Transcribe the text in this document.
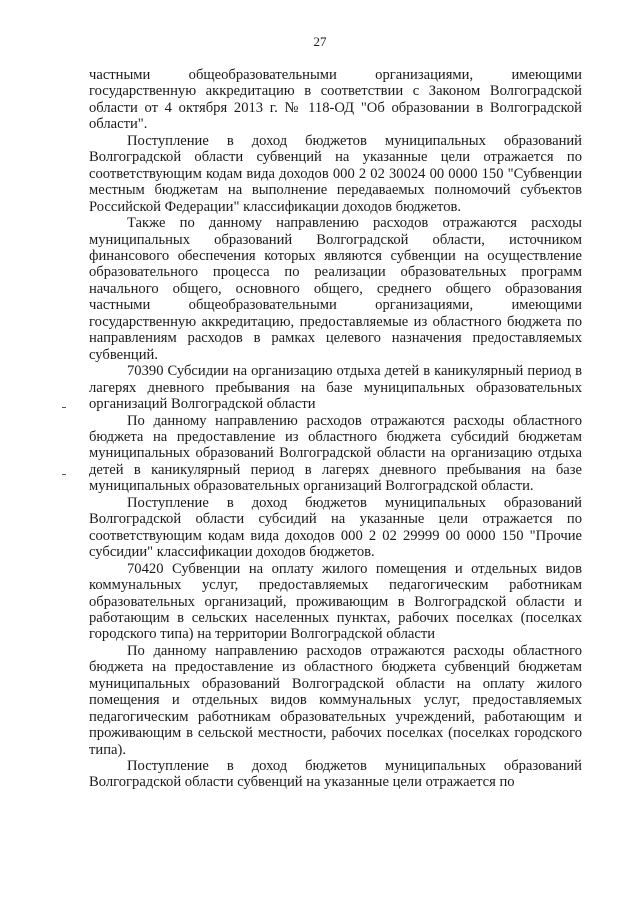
27

частными общеобразовательными организациями, имеющими государственную аккредитацию в соответствии с Законом Волгоградской области от 4 октября 2013 г. № 118-ОД "Об образовании в Волгоградской области".

Поступление в доход бюджетов муниципальных образований Волгоградской области субвенций на указанные цели отражается по соответствующим кодам вида доходов 000 2 02 30024 00 0000 150 "Субвенции местным бюджетам на выполнение передаваемых полномочий субъектов Российской Федерации" классификации доходов бюджетов.

Также по данному направлению расходов отражаются расходы муниципальных образований Волгоградской области, источником финансового обеспечения которых являются субвенции на осуществление образовательного процесса по реализации образовательных программ начального общего, основного общего, среднего общего образования частными общеобразовательными организациями, имеющими государственную аккредитацию, предоставляемые из областного бюджета по направлениям расходов в рамках целевого назначения предоставляемых субвенций.

70390 Субсидии на организацию отдыха детей в каникулярный период в лагерях дневного пребывания на базе муниципальных образовательных организаций Волгоградской области

По данному направлению расходов отражаются расходы областного бюджета на предоставление из областного бюджета субсидий бюджетам муниципальных образований Волгоградской области на организацию отдыха детей в каникулярный период в лагерях дневного пребывания на базе муниципальных образовательных организаций Волгоградской области.

Поступление в доход бюджетов муниципальных образований Волгоградской области субсидий на указанные цели отражается по соответствующим кодам вида доходов 000 2 02 29999 00 0000 150 "Прочие субсидии" классификации доходов бюджетов.

70420 Субвенции на оплату жилого помещения и отдельных видов коммунальных услуг, предоставляемых педагогическим работникам образовательных организаций, проживающим в Волгоградской области и работающим в сельских населенных пунктах, рабочих поселках (поселках городского типа) на территории Волгоградской области

По данному направлению расходов отражаются расходы областного бюджета на предоставление из областного бюджета субвенций бюджетам муниципальных образований Волгоградской области на оплату жилого помещения и отдельных видов коммунальных услуг, предоставляемых педагогическим работникам образовательных учреждений, работающим и проживающим в сельской местности, рабочих поселках (поселках городского типа).

Поступление в доход бюджетов муниципальных образований Волгоградской области субвенций на указанные цели отражается по
